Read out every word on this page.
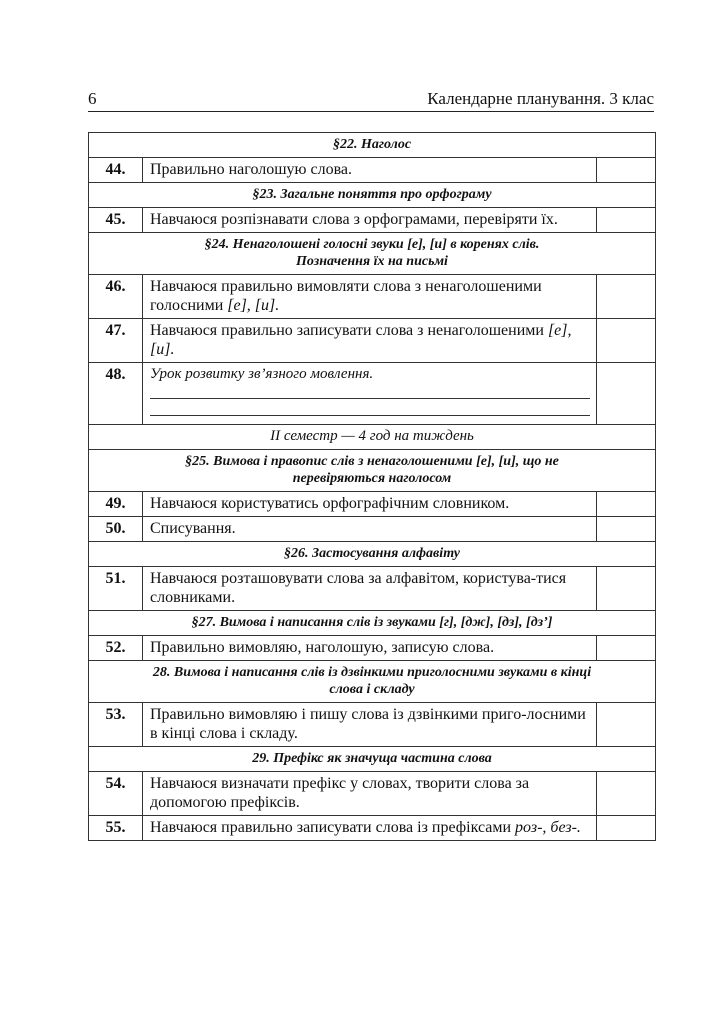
6	Календарне планування. 3 клас
§22. Наголос		
44.	Правильно наголошую слова.	
§23. Загальне поняття про орфограму		
45.	Навчаюся розпізнавати слова з орфограмами, перевіряти їх.	

§24. Ненаголошені голосні звуки [е], [и] в коренях слів.
Позначення їх на письмі		

46.	Навчаюся правильно вимовляти слова з ненаголошеними голосними [е], [и].	
47.	Навчаюся правильно записувати слова з ненаголошеними [е], [и].	
48.	Урок розвитку зв’язного мовлення.	

ІІ семестр — 4 год на тиждень		

§25. Вимова і правопис слів з ненаголошеними [е], [и], що не
перевіряються наголосом		

49.	Навчаюся користуватись орфографічним словником.	
50.	Списування.	
§26. Застосування алфавіту		
51.	Навчаюся розташовувати слова за алфавітом, користува-тися словниками.	
§27. Вимова і написання слів із звуками [г], [дж], [дз], [дз’]		
52.	Правильно вимовляю, наголошую, записую слова.	

28. Вимова і написання слів із дзвінкими приголосними звуками в кінці
слова і складу		

53.	Правильно вимовляю і пишу слова із дзвінкими приго-лосними в кінці слова і складу.	
29. Префікс як значуща частина слова		
54.	Навчаюся визначати префікс у словах, творити слова за допомогою префіксів.	
55.	Навчаюся правильно записувати слова із префіксами роз-, без-.	
